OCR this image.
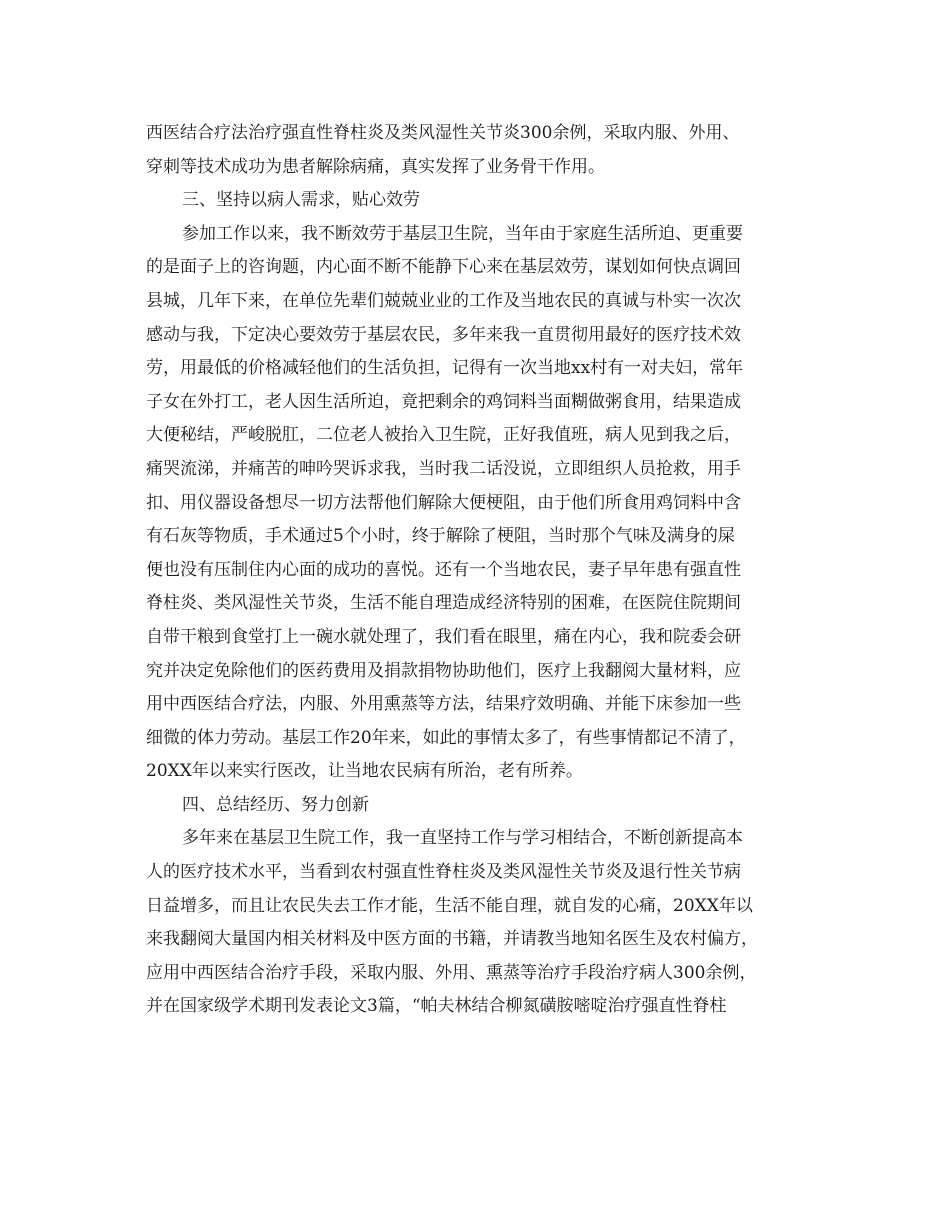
西医结合疗法治疗强直性脊柱炎及类风湿性关节炎300余例，采取内服、外用、
穿刺等技术成功为患者解除病痛，真实发挥了业务骨干作用。
三、坚持以病人需求，贴心效劳
参加工作以来，我不断效劳于基层卫生院，当年由于家庭生活所迫、更重要
的是面子上的咨询题，内心面不断不能静下心来在基层效劳，谋划如何快点调回
县城，几年下来，在单位先辈们兢兢业业的工作及当地农民的真诚与朴实一次次
感动与我，下定决心要效劳于基层农民，多年来我一直贯彻用最好的医疗技术效
劳，用最低的价格减轻他们的生活负担，记得有一次当地xx村有一对夫妇，常年
子女在外打工，老人因生活所迫，竟把剩余的鸡饲料当面糊做粥食用，结果造成
大便秘结，严峻脱肛，二位老人被抬入卫生院，正好我值班，病人见到我之后，
痛哭流涕，并痛苦的呻吟哭诉求我，当时我二话没说，立即组织人员抢救，用手
扣、用仪器设备想尽一切方法帮他们解除大便梗阻，由于他们所食用鸡饲料中含
有石灰等物质，手术通过5个小时，终于解除了梗阻，当时那个气味及满身的屎
便也没有压制住内心面的成功的喜悦。还有一个当地农民，妻子早年患有强直性
脊柱炎、类风湿性关节炎，生活不能自理造成经济特别的困难，在医院住院期间
自带干粮到食堂打上一碗水就处理了，我们看在眼里，痛在内心，我和院委会研
究并决定免除他们的医药费用及捐款捐物协助他们，医疗上我翻阅大量材料，应
用中西医结合疗法，内服、外用熏蒸等方法，结果疗效明确、并能下床参加一些
细微的体力劳动。基层工作20年来，如此的事情太多了，有些事情都记不清了，
20XX年以来实行医改，让当地农民病有所治，老有所养。
四、总结经历、努力创新
多年来在基层卫生院工作，我一直坚持工作与学习相结合，不断创新提高本
人的医疗技术水平，当看到农村强直性脊柱炎及类风湿性关节炎及退行性关节病
日益增多，而且让农民失去工作才能，生活不能自理，就自发的心痛，20XX年以
来我翻阅大量国内相关材料及中医方面的书籍，并请教当地知名医生及农村偏方，
应用中西医结合治疗手段，采取内服、外用、熏蒸等治疗手段治疗病人300余例，
并在国家级学术期刊发表论文3篇，“帕夫林结合柳氮磺胺嘧啶治疗强直性脊柱
